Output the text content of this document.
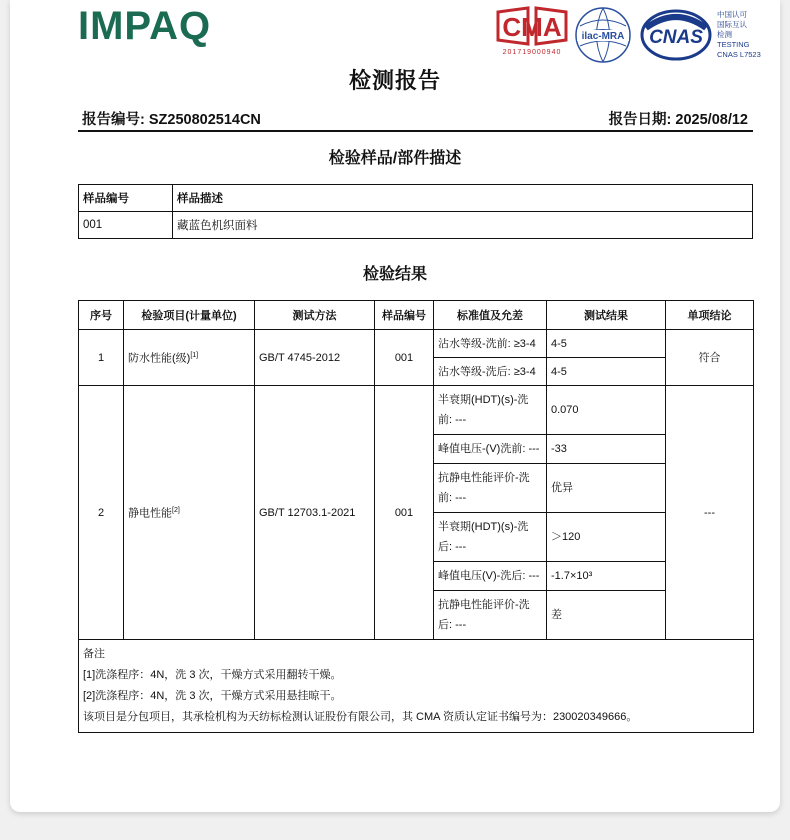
IMPAQ	CMA
201719000940
ilac-MRA CNAS
中国认可
国际互认
检测
TESTING
CNAS L7523
检测报告
报告编号: SZ250802514CN	报告日期: 2025/08/12
检验样品/部件描述
样品编号	样品描述
001	藏蓝色机织面料
检验结果
序号	检验项目(计量单位)	测试方法	样品编号	标准值及允差	测试结果	单项结论
1	防水性能(级)[1]	GB/T 4745-2012	001	沾水等级-洗前: ≥3-4	4-5	符合
				沾水等级-洗后: ≥3-4	4-5	
2	静电性能[2]	GB/T 12703.1-2021	001	半衰期(HDT)(s)-洗前: ---	0.070	---
				峰值电压-(V)洗前: ---	-33	
				抗静电性能评价-洗前: ---	优异	
				半衰期(HDT)(s)-洗后: ---	＞120	
				峰值电压(V)-洗后: ---	-1.7×10³	
				抗静电性能评价-洗后: ---	差	

备注
[1]洗涤程序：4N，洗 3 次，干燥方式采用翻转干燥。
[2]洗涤程序：4N，洗 3 次，干燥方式采用悬挂晾干。
该项目是分包项目，其承检机构为天纺标检测认证股份有限公司，其 CMA 资质认定证书编号为：230020349666。						
